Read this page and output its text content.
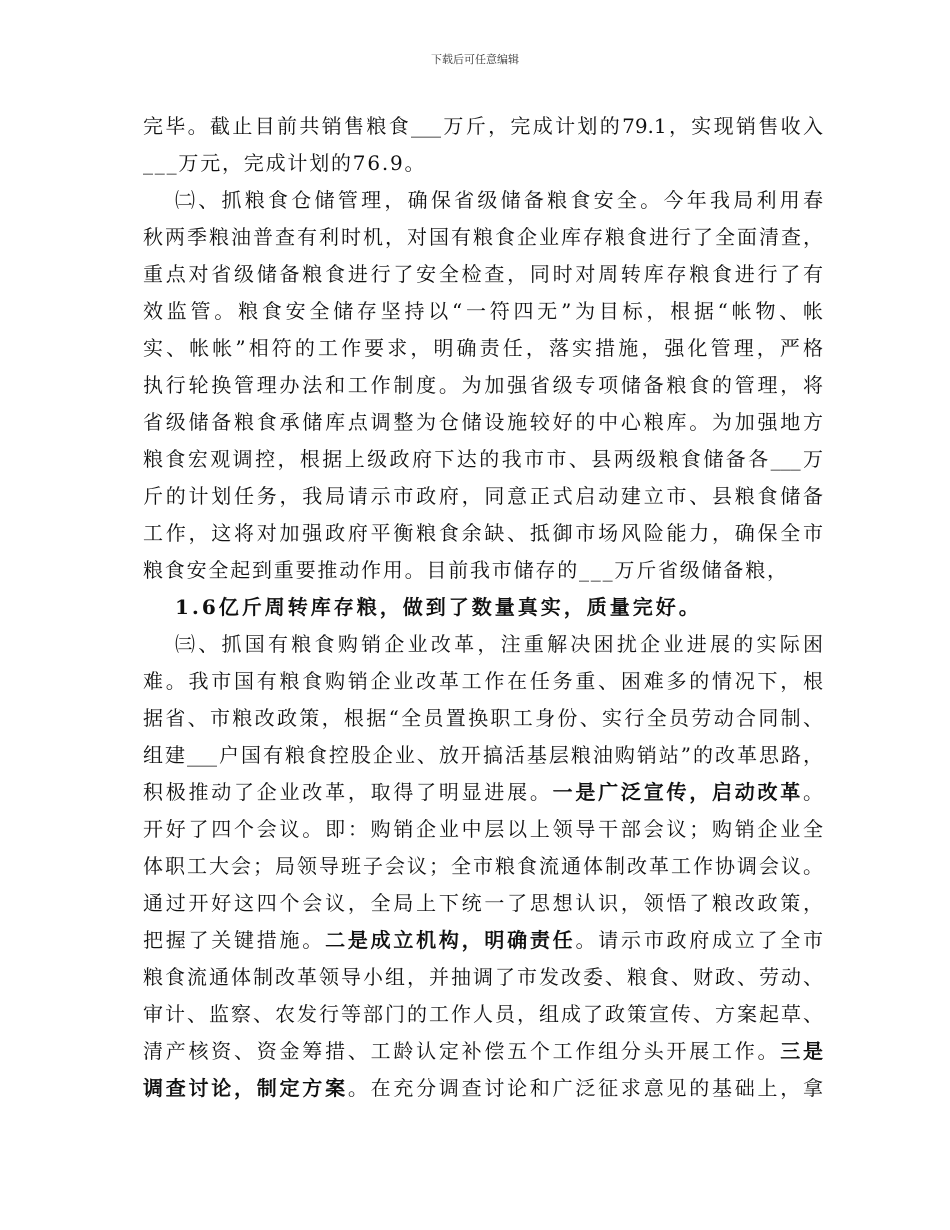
下载后可任意编辑
完毕。截止目前共销售粮食___万斤，完成计划的79.1，实现销售收入
___万元，完成计划的76.9。
㈡、抓粮食仓储管理，确保省级储备粮食安全。今年我局利用春
秋两季粮油普查有利时机，对国有粮食企业库存粮食进行了全面清查，
重点对省级储备粮食进行了安全检查，同时对周转库存粮食进行了有
效监管。粮食安全储存坚持以“一符四无”为目标，根据“帐物、帐
实、帐帐”相符的工作要求，明确责任，落实措施，强化管理，严格
执行轮换管理办法和工作制度。为加强省级专项储备粮食的管理，将
省级储备粮食承储库点调整为仓储设施较好的中心粮库。为加强地方
粮食宏观调控，根据上级政府下达的我市市、县两级粮食储备各___万
斤的计划任务，我局请示市政府，同意正式启动建立市、县粮食储备
工作，这将对加强政府平衡粮食余缺、抵御市场风险能力，确保全市
粮食安全起到重要推动作用。目前我市储存的___万斤省级储备粮，
1.6亿斤周转库存粮，做到了数量真实，质量完好。
㈢、抓国有粮食购销企业改革，注重解决困扰企业进展的实际困
难。我市国有粮食购销企业改革工作在任务重、困难多的情况下，根
据省、市粮改政策，根据“全员置换职工身份、实行全员劳动合同制、
组建___户国有粮食控股企业、放开搞活基层粮油购销站”的改革思路，
积极推动了企业改革，取得了明显进展。一是广泛宣传，启动改革。
开好了四个会议。即：购销企业中层以上领导干部会议；购销企业全
体职工大会；局领导班子会议；全市粮食流通体制改革工作协调会议。
通过开好这四个会议，全局上下统一了思想认识，领悟了粮改政策，
把握了关键措施。二是成立机构，明确责任。请示市政府成立了全市
粮食流通体制改革领导小组，并抽调了市发改委、粮食、财政、劳动、
审计、监察、农发行等部门的工作人员，组成了政策宣传、方案起草、
清产核资、资金筹措、工龄认定补偿五个工作组分头开展工作。三是
调查讨论，制定方案。在充分调查讨论和广泛征求意见的基础上，拿
